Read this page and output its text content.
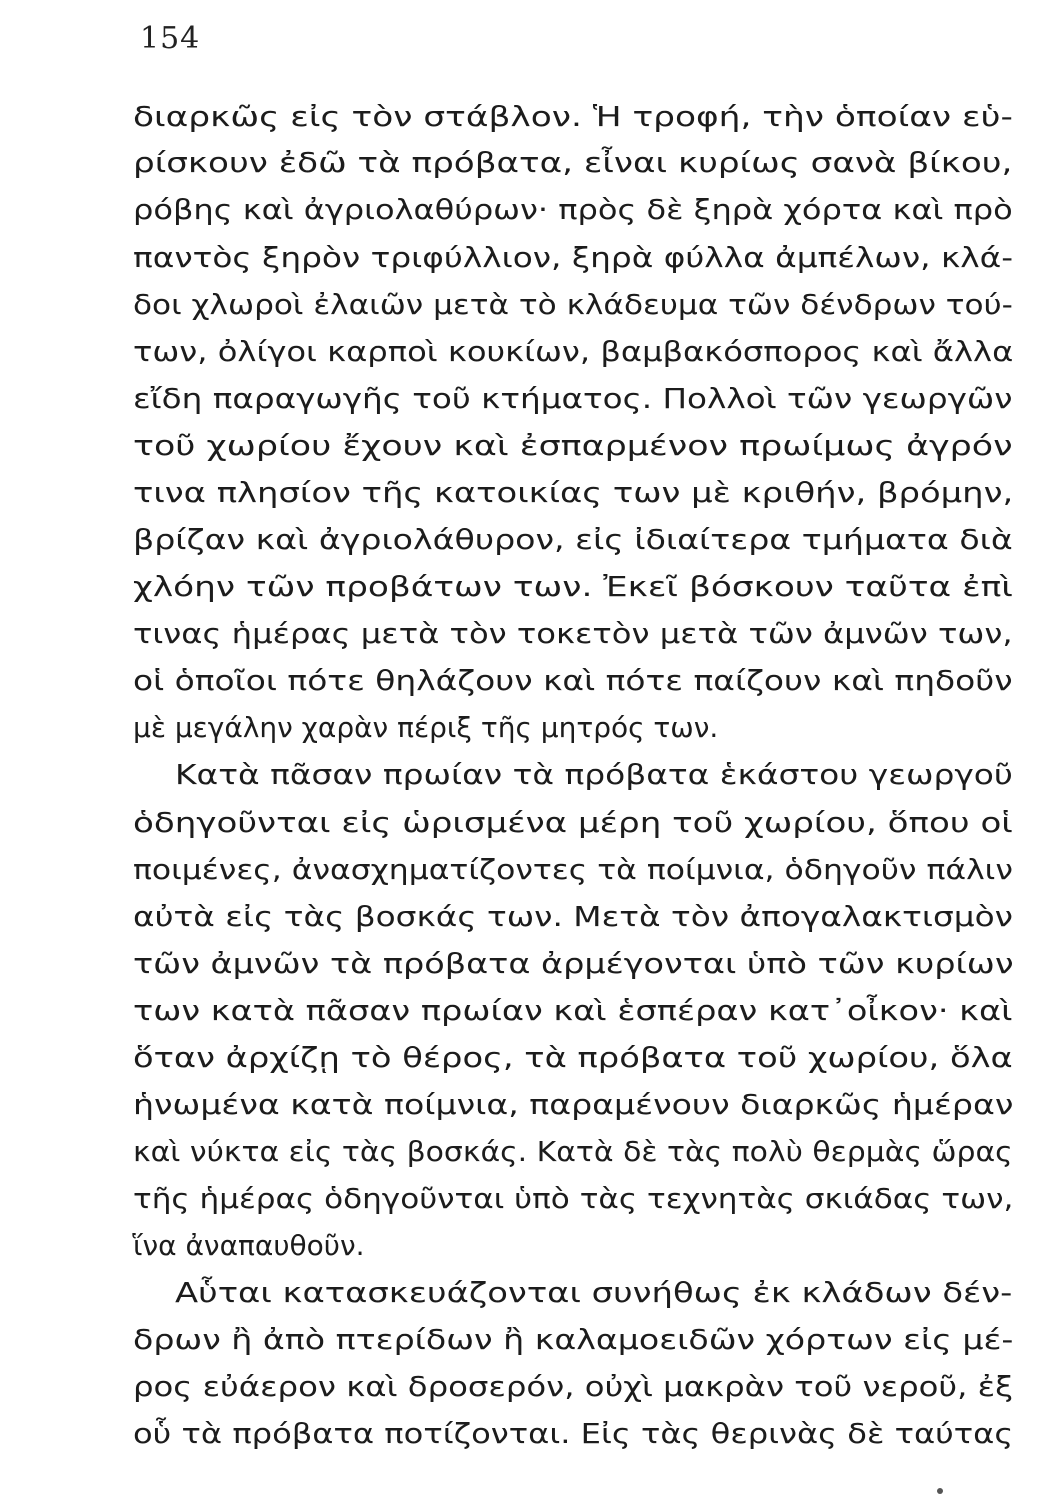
154
διαρκῶς εἰς τὸν στάβλον. Ἡ τροφή, τὴν ὁποίαν εὑ-
ρίσκουν ἐδῶ τὰ πρόβατα, εἶναι κυρίως σανὰ βίκου,
ρόβης καὶ ἀγριολαθύρων· πρὸς δὲ ξηρὰ χόρτα καὶ πρὸ
παντὸς ξηρὸν τριφύλλιον, ξηρὰ φύλλα ἀμπέλων, κλά-
δοι χλωροὶ ἐλαιῶν μετὰ τὸ κλάδευμα τῶν δένδρων τού-
των, ὀλίγοι καρποὶ κουκίων, βαμβακόσπορος καὶ ἄλλα
εἴδη παραγωγῆς τοῦ κτήματος. Πολλοὶ τῶν γεωργῶν
τοῦ χωρίου ἔχουν καὶ ἐσπαρμένον πρωίμως ἀγρόν
τινα πλησίον τῆς κατοικίας των μὲ κριθήν, βρόμην,
βρίζαν καὶ ἀγριολάθυρον, εἰς ἰδιαίτερα τμήματα διὰ
χλόην τῶν προβάτων των. Ἐκεῖ βόσκουν ταῦτα ἐπὶ
τινας ἡμέρας μετὰ τὸν τοκετὸν μετὰ τῶν ἀμνῶν των,
οἱ ὁποῖοι πότε θηλάζουν καὶ πότε παίζουν καὶ πηδοῦν
μὲ μεγάλην χαρὰν πέριξ τῆς μητρός των.
Κατὰ πᾶσαν πρωίαν τὰ πρόβατα ἑκάστου γεωργοῦ
ὁδηγοῦνται εἰς ὡρισμένα μέρη τοῦ χωρίου, ὅπου οἱ
ποιμένες, ἀνασχηματίζοντες τὰ ποίμνια, ὁδηγοῦν πάλιν
αὐτὰ εἰς τὰς βοσκάς των. Μετὰ τὸν ἀπογαλακτισμὸν
τῶν ἀμνῶν τὰ πρόβατα ἀρμέγονται ὑπὸ τῶν κυρίων
των κατὰ πᾶσαν πρωίαν καὶ ἑσπέραν κατ᾽οἶκον· καὶ
ὅταν ἀρχίζῃ τὸ θέρος, τὰ πρόβατα τοῦ χωρίου, ὅλα
ἡνωμένα κατὰ ποίμνια, παραμένουν διαρκῶς ἡμέραν
καὶ νύκτα εἰς τὰς βοσκάς. Κατὰ δὲ τὰς πολὺ θερμὰς ὥρας
τῆς ἡμέρας ὁδηγοῦνται ὑπὸ τὰς τεχνητὰς σκιάδας των,
ἵνα ἀναπαυθοῦν.
Αὗται κατασκευάζονται συνήθως ἐκ κλάδων δέν-
δρων ἢ ἀπὸ πτερίδων ἢ καλαμοειδῶν χόρτων εἰς μέ-
ρος εὐάερον καὶ δροσερόν, οὐχὶ μακρὰν τοῦ νεροῦ, ἐξ
οὗ τὰ πρόβατα ποτίζονται. Εἰς τὰς θερινὰς δὲ ταύτας
